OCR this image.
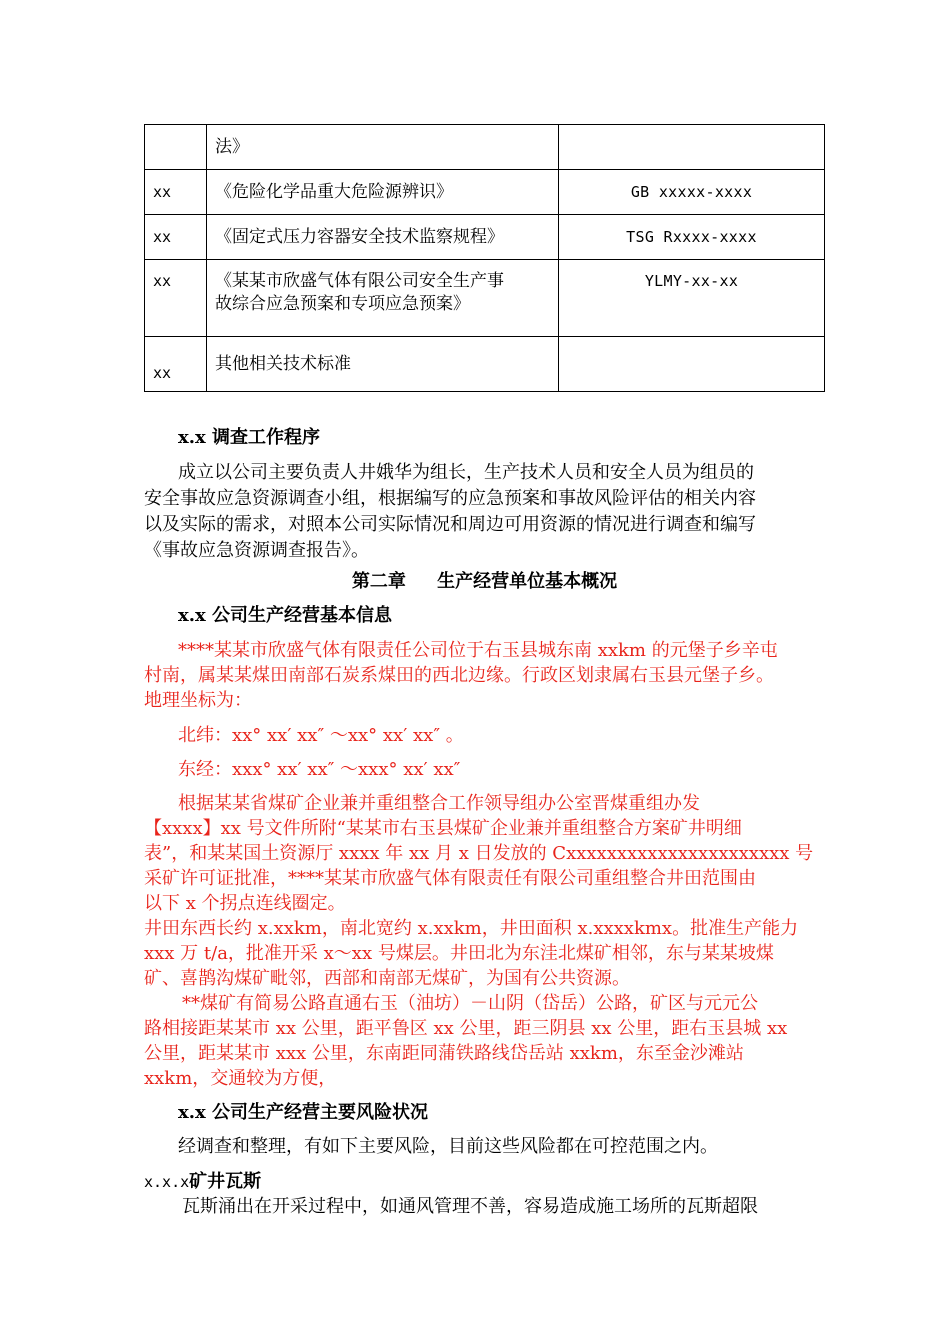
	法》	
xx	《危险化学品重大危险源辨识》	GB xxxxx-xxxx
xx	《固定式压力容器安全技术监察规程》	TSG Rxxxx-xxxx
xx	《某某市欣盛气体有限公司安全生产事
故综合应急预案和专项应急预案》	YLMY-xx-xx
xx	其他相关技术标准	
x.x 调查工作程序
成立以公司主要负责人井娥华为组长，生产技术人员和安全人员为组员的
安全事故应急资源调查小组，根据编写的应急预案和事故风险评估的相关内容
以及实际的需求，对照本公司实际情况和周边可用资源的情况进行调查和编写
《事故应急资源调查报告》。
第二章     生产经营单位基本概况
x.x 公司生产经营基本信息
****某某市欣盛气体有限责任公司位于右玉县城东南 xxkm 的元堡子乡辛屯
村南，属某某煤田南部石炭系煤田的西北边缘。行政区划隶属右玉县元堡子乡。
地理坐标为：
北纬：xx° xx′ xx″ ～xx° xx′ xx″ 。
东经：xxx° xx′ xx″ ～xxx° xx′ xx″
根据某某省煤矿企业兼并重组整合工作领导组办公室晋煤重组办发
【xxxx】xx 号文件所附“某某市右玉县煤矿企业兼并重组整合方案矿井明细
表”，和某某国土资源厅 xxxx 年 xx 月 x 日发放的 Cxxxxxxxxxxxxxxxxxxxxxx 号
采矿许可证批准，****某某市欣盛气体有限责任有限公司重组整合井田范围由
以下 x 个拐点连线圈定。
井田东西长约 x.xxkm，南北宽约 x.xxkm，井田面积 x.xxxxkmx。批准生产能力
xxx 万 t/a，批准开采 x～xx 号煤层。井田北为东洼北煤矿相邻，东与某某坡煤
矿、喜鹊沟煤矿毗邻，西部和南部无煤矿，为国有公共资源。
**煤矿有简易公路直通右玉（油坊）－山阴（岱岳）公路，矿区与元元公
路相接距某某市 xx 公里，距平鲁区 xx 公里，距三阴县 xx 公里，距右玉县城 xx
公里，距某某市 xxx 公里，东南距同蒲铁路线岱岳站 xxkm，东至金沙滩站
xxkm，交通较为方便，
x.x 公司生产经营主要风险状况
经调查和整理，有如下主要风险，目前这些风险都在可控范围之内。
x.x.x矿井瓦斯
瓦斯涌出在开采过程中，如通风管理不善，容易造成施工场所的瓦斯超限
